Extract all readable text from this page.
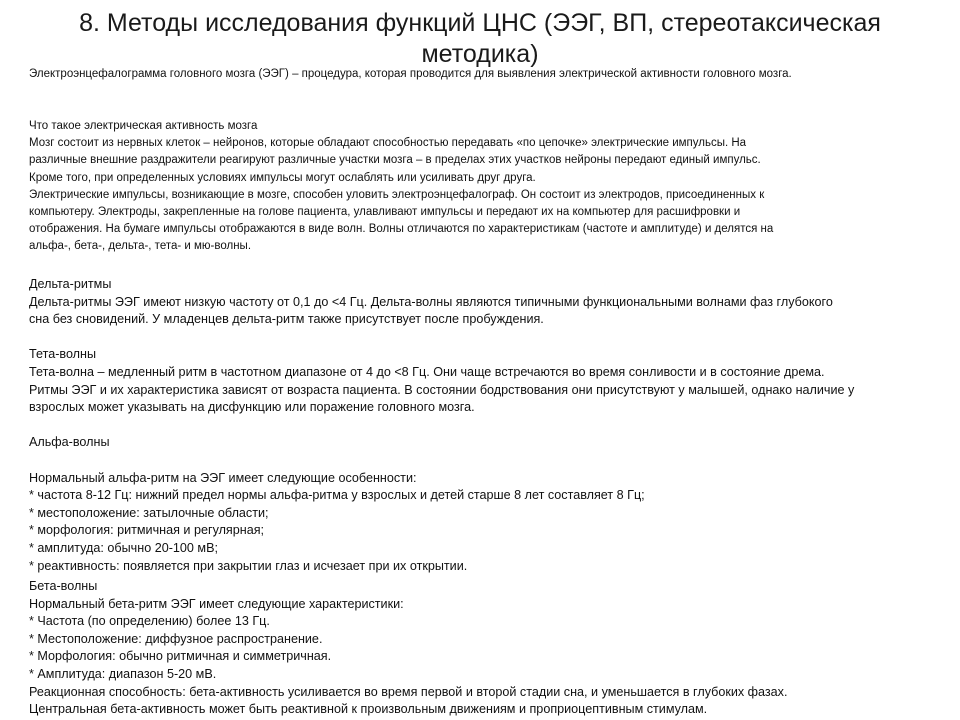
8. Методы исследования функций ЦНС (ЭЭГ, ВП, стереотаксическая методика)

Электроэнцефалограмма головного мозга (ЭЭГ) – процедура, которая проводится для выявления электрической активности головного мозга.

Что такое электрическая активность мозга

Мозг состоит из нервных клеток – нейронов, которые обладают способностью передавать «по цепочке» электрические импульсы. На

различные внешние раздражители реагируют различные участки мозга – в пределах этих участков нейроны передают единый импульс.

Кроме того, при определенных условиях импульсы могут ослаблять или усиливать друг друга.

Электрические импульсы, возникающие в мозге, способен уловить электроэнцефалограф. Он состоит из электродов, присоединенных к

компьютеру. Электроды, закрепленные на голове пациента, улавливают импульсы и передают их на компьютер для расшифровки и

отображения. На бумаге импульсы отображаются в виде волн. Волны отличаются по характеристикам (частоте и амплитуде) и делятся на

альфа-, бета-, дельта-, тета- и мю-волны.

Дельта-ритмы

Дельта-ритмы ЭЭГ имеют низкую частоту от 0,1 до <4 Гц. Дельта-волны являются типичными функциональными волнами фаз глубокого

сна без сновидений. У младенцев дельта-ритм также присутствует после пробуждения.

Тета-волны

Тета-волна – медленный ритм в частотном диапазоне от 4 до <8 Гц. Они чаще встречаются во время сонливости и в состояние дрема.

Ритмы ЭЭГ и их характеристика зависят от возраста пациента. В состоянии бодрствования они присутствуют у малышей, однако наличие у

взрослых может указывать на дисфункцию или поражение головного мозга.

Альфа-волны

Нормальный альфа-ритм на ЭЭГ имеет следующие особенности:

* частота 8-12 Гц: нижний предел нормы альфа-ритма у взрослых и детей старше 8 лет составляет 8 Гц;

* местоположение: затылочные области;

* морфология: ритмичная и регулярная;

* амплитуда: обычно 20-100 мВ;

* реактивность: появляется при закрытии глаз и исчезает при их открытии.

Бета-волны

Нормальный бета-ритм ЭЭГ имеет следующие характеристики:

* Частота (по определению) более 13 Гц.

* Местоположение: диффузное распространение.

* Морфология: обычно ритмичная и симметричная.

* Амплитуда: диапазон 5-20 мВ.

Реакционная способность: бета-активность усиливается во время первой и второй стадии сна, и уменьшается в глубоких фазах.

Центральная бета-активность может быть реактивной к произвольным движениям и проприоцептивным стимулам.
